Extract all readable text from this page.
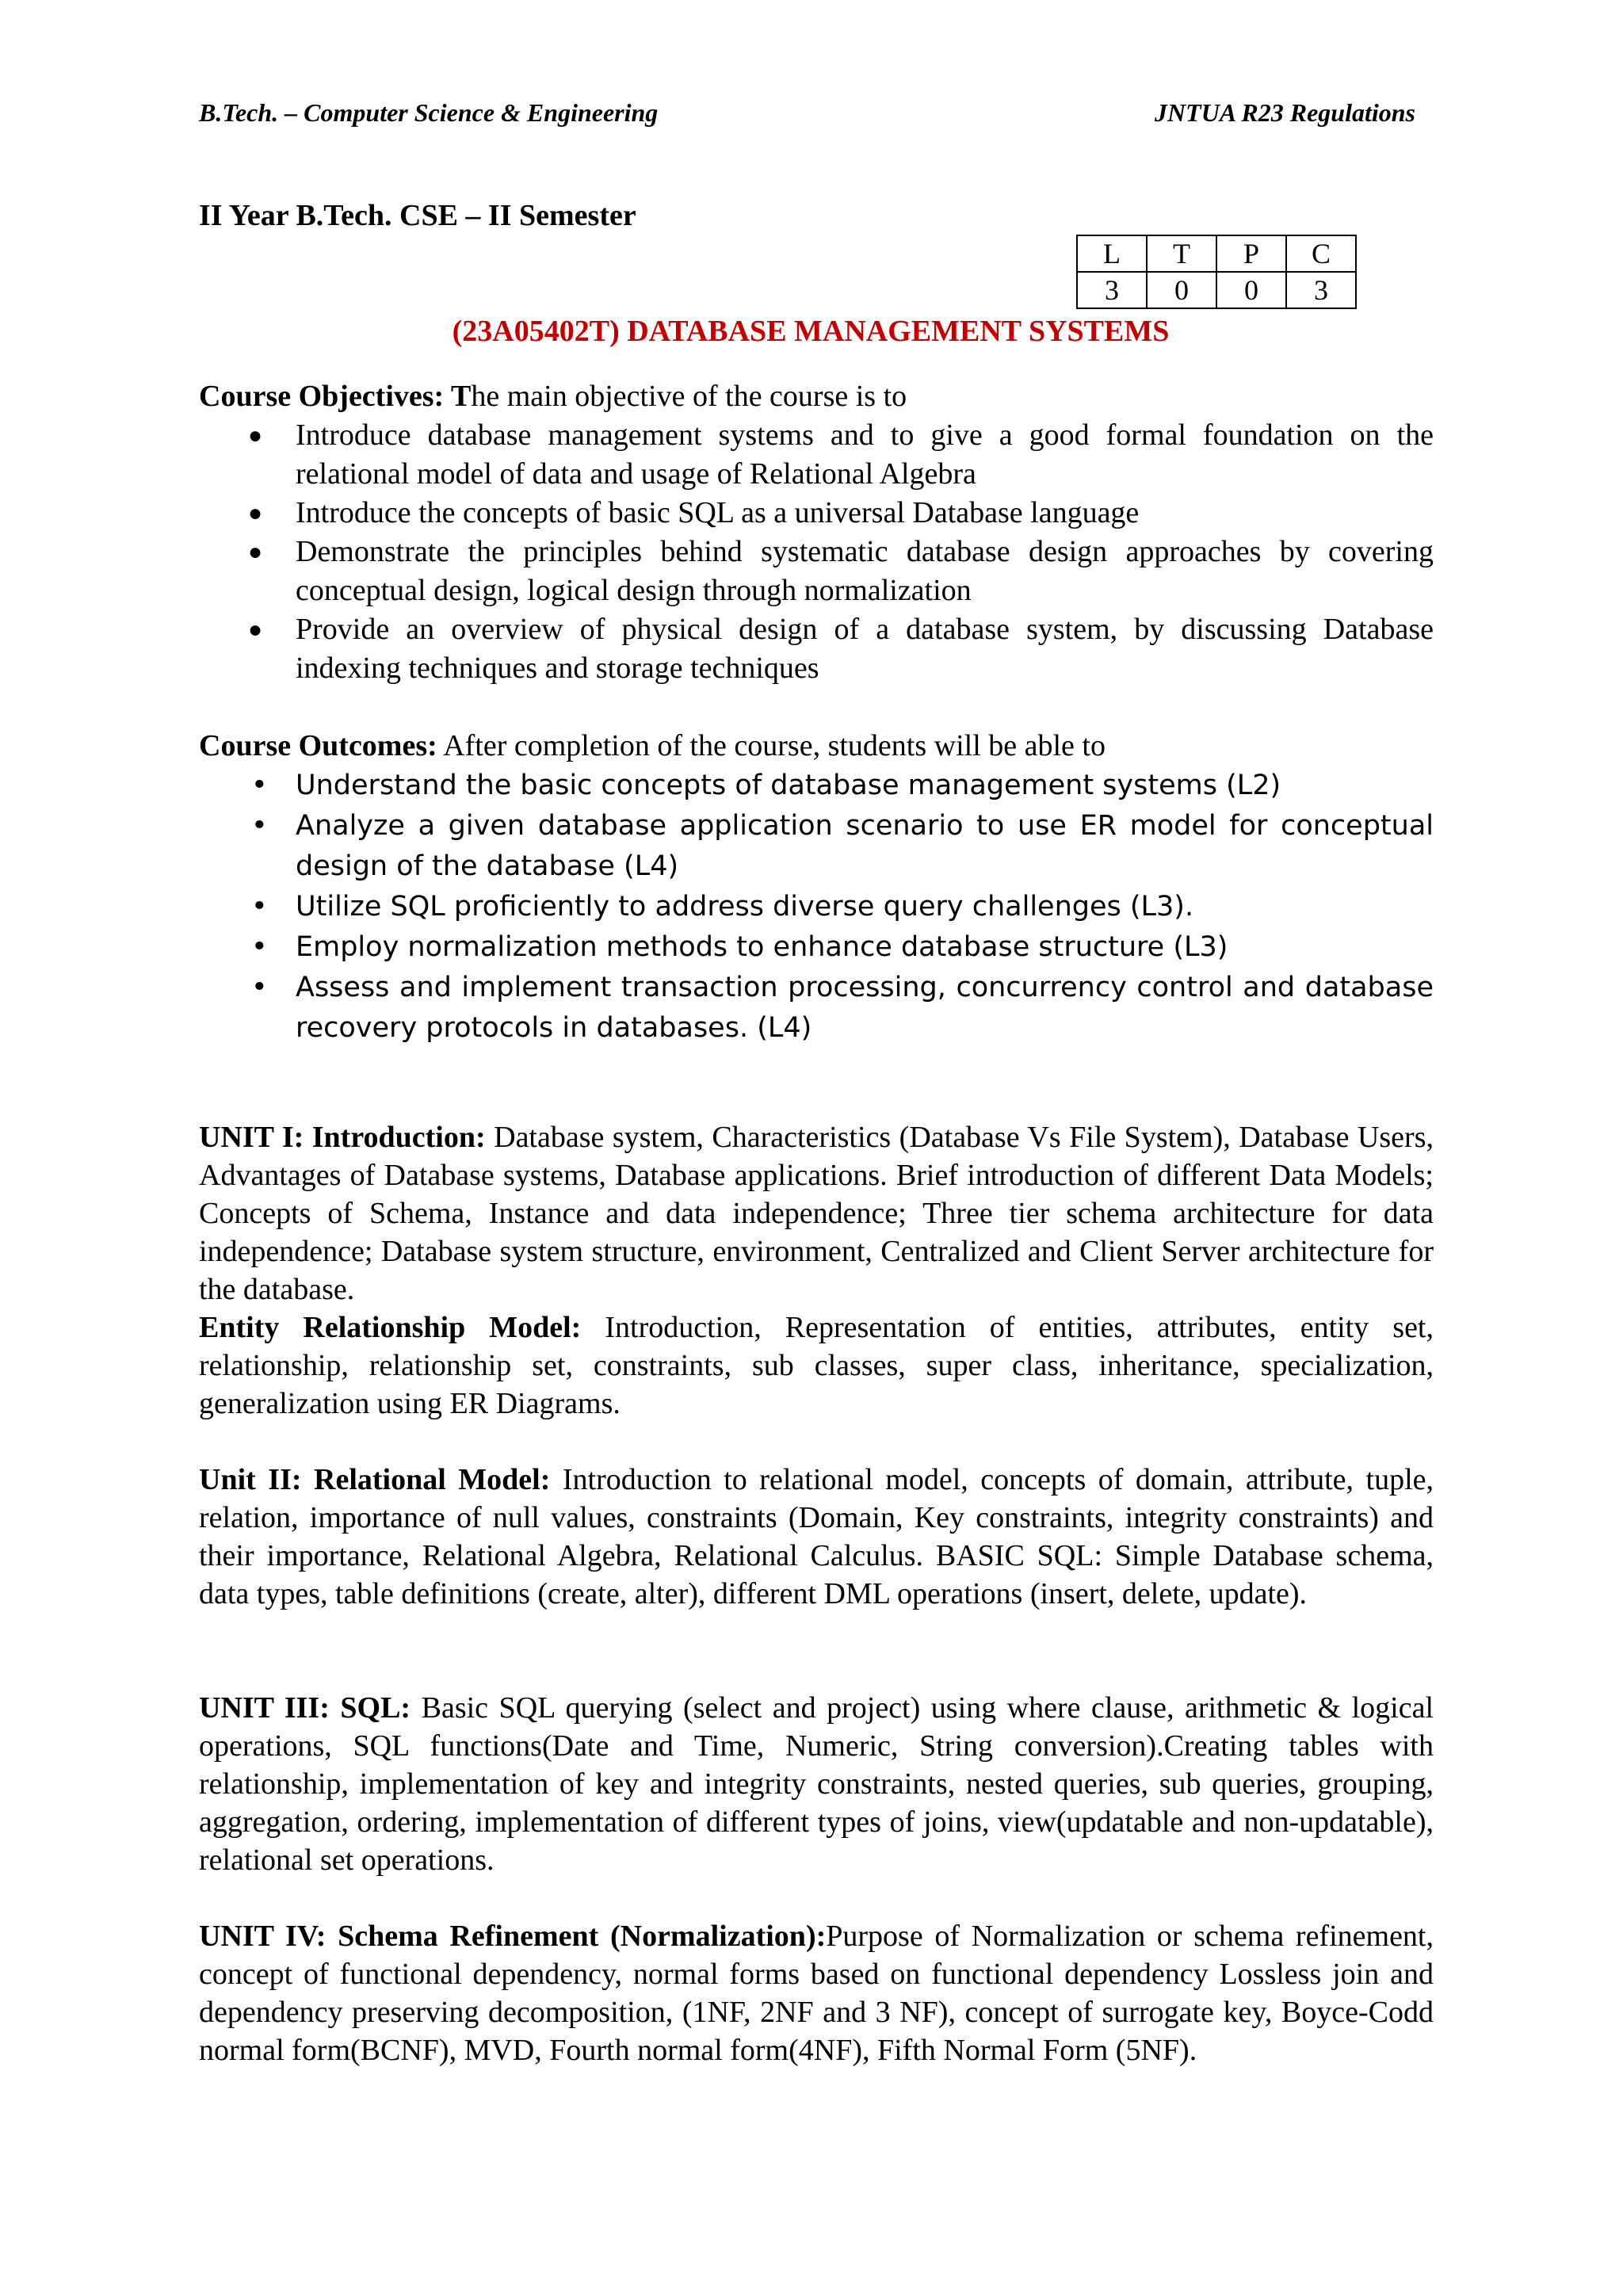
B.Tech. – Computer Science & Engineering	JNTUA R23 Regulations
II Year B.Tech. CSE – II Semester
L	T	P	C
3	0	0	3
(23A05402T) DATABASE MANAGEMENT SYSTEMS
Course Objectives: The main objective of the course is to
● Introduce database management systems and to give a good formal foundation on the relational model of data and usage of Relational Algebra
● Introduce the concepts of basic SQL as a universal Database language
● Demonstrate the principles behind systematic database design approaches by covering conceptual design, logical design through normalization
● Provide an overview of physical design of a database system, by discussing Database indexing techniques and storage techniques
Course Outcomes: After completion of the course, students will be able to
• Understand the basic concepts of database management systems (L2)
• Analyze a given database application scenario to use ER model for conceptual design of the database (L4)
• Utilize SQL proficiently to address diverse query challenges (L3).
• Employ normalization methods to enhance database structure (L3)
• Assess and implement transaction processing, concurrency control and database recovery protocols in databases. (L4)

UNIT I: Introduction: Database system, Characteristics (Database Vs File System), Database Users, Advantages of Database systems, Database applications. Brief introduction of different Data Models; Concepts of Schema, Instance and data independence; Three tier schema architecture for data independence; Database system structure, environment, Centralized and Client Server architecture for the database.

Entity Relationship Model: Introduction, Representation of entities, attributes, entity set, relationship, relationship set, constraints, sub classes, super class, inheritance, specialization, generalization using ER Diagrams.

Unit II: Relational Model: Introduction to relational model, concepts of domain, attribute, tuple, relation, importance of null values, constraints (Domain, Key constraints, integrity constraints) and their importance, Relational Algebra, Relational Calculus. BASIC SQL: Simple Database schema, data types, table definitions (create, alter), different DML operations (insert, delete, update).

UNIT III: SQL: Basic SQL querying (select and project) using where clause, arithmetic & logical operations, SQL functions(Date and Time, Numeric, String conversion).Creating tables with relationship, implementation of key and integrity constraints, nested queries, sub queries, grouping, aggregation, ordering, implementation of different types of joins, view(updatable and non-updatable), relational set operations.

UNIT IV: Schema Refinement (Normalization):Purpose of Normalization or schema refinement, concept of functional dependency, normal forms based on functional dependency Lossless join and dependency preserving decomposition, (1NF, 2NF and 3 NF), concept of surrogate key, Boyce-Codd normal form(BCNF), MVD, Fourth normal form(4NF), Fifth Normal Form (5NF).
